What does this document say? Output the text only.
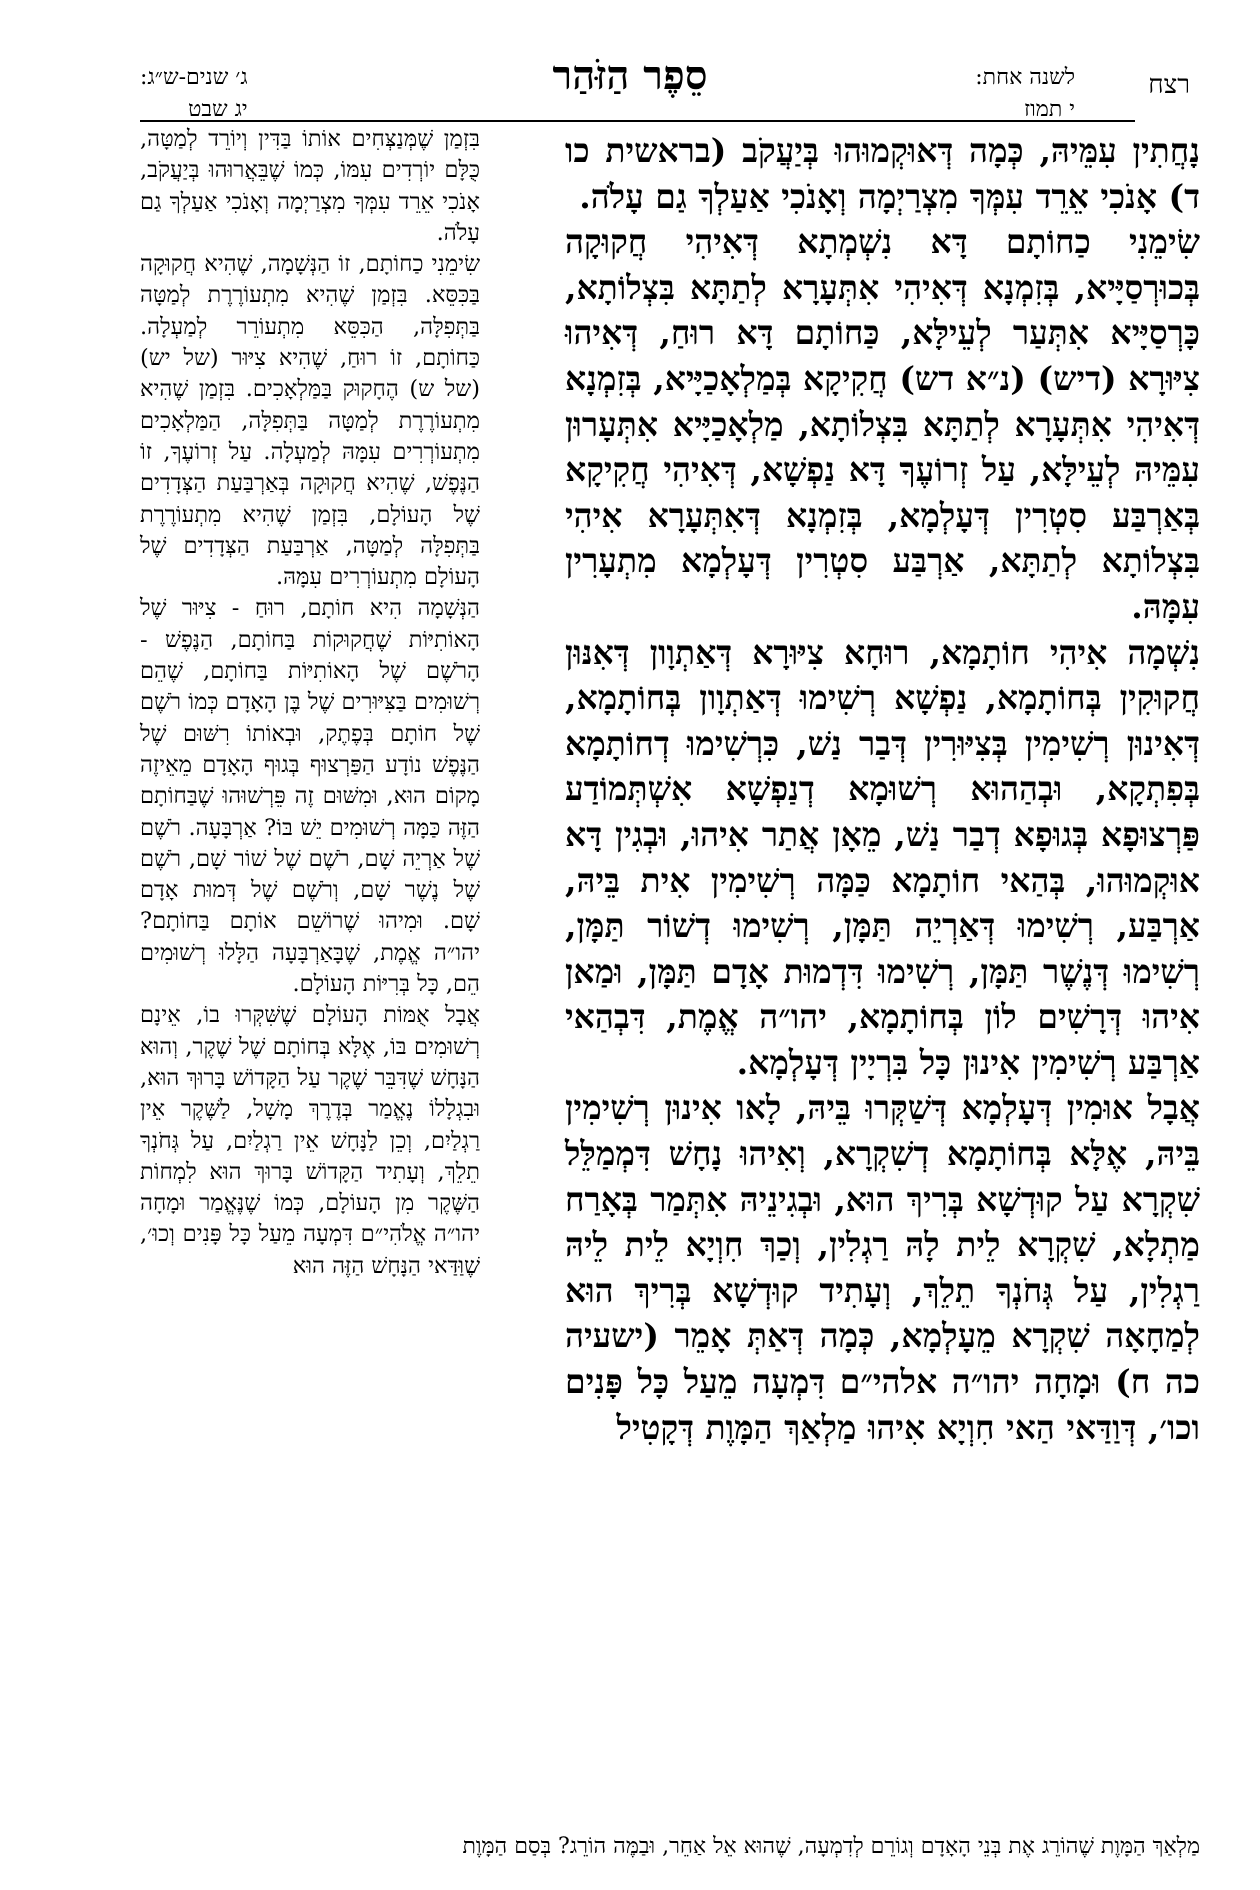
רצח
לשנה אחת:
י תמוז
סֵפֶר הַזֹּהַר
ג׳ שנים-ש״ג:
יג שבט

נָחֲתִין עִמֵּיהּ, כְּמָה דְּאוּקְמוּהוּ בְּיַעֲקֹב (בראשית כו ד) אָנֹכִי אֵרֵד עִמְּךָ מִצְרַיְמָה וְאָנֹכִי אַעַלְךָ גַם עָלֹה.

שִׂימֵנִי כַחוֹתָם דָּא נִשְׁמְתָא דְּאִיהִי חֲקוּקָה בְּכוּרְסַיָּיא, בְּזִמְנָא דְּאִיהִי אִתְּעָרָא לְתַתָּא בִּצְלוֹתָא, כָּרְסַיָּיא אִתְּעַר לְעֵילָּא, כַּחוֹתָם דָּא רוּחַ, דְּאִיהוּ צִיּוּרָא (דיש) (נ״א דש) חֲקִיקָא בְּמַלְאָכַיָּיא, בְּזִמְנָא דְּאִיהִי אִתְּעָרָא לְתַתָּא בִּצְלוֹתָא, מַלְאָכַיָּיא אִתְּעָרוּן עִמֵּיהּ לְעֵילָּא, עַל זְרוֹעֶךָ דָּא נַפְשָׁא, דְּאִיהִי חֲקִיקָא בְּאַרְבַּע סִטְרִין דְּעָלְמָא, בְּזִמְנָא דְּאִתְּעָרָא אִיהִי בִּצְלוֹתָא לְתַתָּא, אַרְבַּע סִטְרִין דְּעָלְמָא מִתְעָרִין עִמָּהּ.

נִשְׁמָה אִיהִי חוֹתָמָא, רוּחָא צִיּוּרָא דְּאַתְוָון דְּאִנּוּן חֲקוּקִין בְּחוֹתָמָא, נַפְשָׁא רְשִׁימוּ דְּאַתְוָון בְּחוֹתָמָא, דְּאִינוּן רְשִׁימִין בְּצִיּוּרִין דְּבַר נַשׁ, כִּרְשִׁימוּ דְחוֹתָמָא בְּפִתְקָא, וּבְהַהוּא רְשׁוּמָא דְנַפְשָׁא אִשְׁתְּמוֹדַע פַּרְצוּפָא בְּגוּפָא דְבַר נַשׁ, מֵאָן אֲתַר אִיהוּ, וּבְגִין דָּא אוּקְמוּהוּ, בְּהַאי חוֹתָמָא כַּמָּה רְשִׁימִין אִית בֵּיהּ, אַרְבַּע, רְשִׁימוּ דְּאַרְיֵה תַּמָּן, רְשִׁימוּ דְשׁוֹר תַּמָּן, רְשִׁימוּ דְּנֶשֶׁר תַּמָּן, רְשִׁימוּ דִּדְמוּת אָדָם תַּמָּן, וּמַאן אִיהוּ דְּרָשִׁים לוֹן בְּחוֹתָמָא, יהו״ה אֱמֶת, דִּבְהַאי אַרְבַּע רְשִׁימִין אִינוּן כָּל בִּרְיָין דְּעָלְמָא.

אֲבָל אוּמִין דְּעָלְמָא דְּשַׁקְּרוּ בֵּיהּ, לָאו אִינוּן רְשִׁימִין בֵּיהּ, אֶלָּא בְּחוֹתָמָא דְשִׁקְרָא, וְאִיהוּ נָחָשׁ דִּמְמַלֵּל שִׁקְרָא עַל קוּדְשָׁא בְּרִיךְ הוּא, וּבְגִינֵיהּ אִתְּמַר בְּאָרַח מַתְלָא, שִׁקְרָא לֵית לָהּ רַגְלִין, וְכַךְ חִוְיָא לֵית לֵיהּ רַגְלִין, עַל גְּחֹנְךָ תֵלֵךְ, וְעָתִיד קוּדְשָׁא בְּרִיךְ הוּא לְמַחָאָה שִׁקְרָא מֵעָלְמָא, כְּמָה דְּאַתְּ אָמֵר (ישעיה כה ח) וּמָחָה יהו״ה אלהי״ם דִּמְעָה מֵעַל כָּל פָּנִים וכו׳, דְּוַדַּאי הַאי חִוְיָא אִיהוּ מַלְאַךְ הַמָּוֶת דְּקָטִיל

בִּזְמַן שֶׁמְּנַצְּחִים אוֹתוֹ בַּדִּין וְיוֹרֵד לְמַטָּה, כֻּלָּם יוֹרְדִים עִמּוֹ, כְּמוֹ שֶׁבֵּאֲרוּהוּ בְּיַעֲקֹב, אָנֹכִי אֵרֵד עִמְּךָ מִצְרַיְמָה וְאָנֹכִי אַעַלְךָ גַם עָלֹה.

שִׂימֵנִי כַחוֹתָם, זוֹ הַנְּשָׁמָה, שֶׁהִיא חֲקוּקָה בַּכִּסֵּא. בִּזְמַן שֶׁהִיא מִתְעוֹרֶרֶת לְמַטָּה בַּתְּפִלָּה, הַכִּסֵּא מִתְעוֹרֵר לְמַעְלָה. כַּחוֹתָם, זוֹ רוּחַ, שֶׁהִיא צִיּוּר (של יש) (של ש) הֶחָקוּק בַּמַּלְאָכִים. בִּזְמַן שֶׁהִיא מִתְעוֹרֶרֶת לְמַטָּה בַּתְּפִלָּה, הַמַּלְאָכִים מִתְעוֹרְרִים עִמָּהּ לְמַעְלָה. עַל זְרוֹעֶךָ, זוֹ הַנֶּפֶשׁ, שֶׁהִיא חֲקוּקָה בְּאַרְבַּעַת הַצְּדָדִים שֶׁל הָעוֹלָם, בִּזְמַן שֶׁהִיא מִתְעוֹרֶרֶת בַּתְּפִלָּה לְמַטָּה, אַרְבַּעַת הַצְּדָדִים שֶׁל הָעוֹלָם מִתְעוֹרְרִים עִמָּהּ.

הַנְּשָׁמָה הִיא חוֹתָם, רוּחַ - צִיּוּר שֶׁל הָאוֹתִיּוֹת שֶׁחֲקוּקוֹת בַּחוֹתָם, הַנֶּפֶשׁ - הָרֹשֶׁם שֶׁל הָאוֹתִיּוֹת בַּחוֹתָם, שֶׁהֵם רְשׁוּמִים בַּצִּיּוּרִים שֶׁל בֶּן הָאָדָם כְּמוֹ רֹשֶׁם שֶׁל חוֹתָם בְּפֶתֶק, וּבְאוֹתוֹ רִשּׁוּם שֶׁל הַנֶּפֶשׁ נוֹדָע הַפַּרְצוּף בְּגוּף הָאָדָם מֵאֵיזֶה מָקוֹם הוּא, וּמִשּׁוּם זֶה פֵּרְשׁוּהוּ שֶׁבַּחוֹתָם הַזֶּה כַּמָּה רְשׁוּמִים יֵשׁ בּוֹ? אַרְבָּעָה. רֹשֶׁם שֶׁל אַרְיֵה שָׁם, רֹשֶׁם שֶׁל שׁוֹר שָׁם, רֹשֶׁם שֶׁל נֶשֶׁר שָׁם, וְרֹשֶׁם שֶׁל דְּמוּת אָדָם שָׁם. וּמִיהוּ שֶׁרוֹשֵׁם אוֹתָם בַּחוֹתָם? יהו״ה אֱמֶת, שֶׁבָּאַרְבָּעָה הַלָּלוּ רְשׁוּמִים הֵם, כָּל בְּרִיּוֹת הָעוֹלָם.

אֲבָל אֻמּוֹת הָעוֹלָם שֶׁשִּׁקְּרוּ בוֹ, אֵינָם רְשׁוּמִים בּוֹ, אֶלָּא בְּחוֹתָם שֶׁל שֶׁקֶר, וְהוּא הַנָּחָשׁ שֶׁדִּבֵּר שֶׁקֶר עַל הַקָּדוֹשׁ בָּרוּךְ הוּא, וּבִגְלָלוֹ נֶאֱמַר בְּדֶרֶךְ מָשָׁל, לַשֶּׁקֶר אֵין רַגְלַיִם, וְכֵן לַנָּחָשׁ אֵין רַגְלַיִם, עַל גְּחֹנְךָ תֵלֵךְ, וְעָתִיד הַקָּדוֹשׁ בָּרוּךְ הוּא לִמְחוֹת הַשֶּׁקֶר מִן הָעוֹלָם, כְּמוֹ שֶׁנֶּאֱמַר וּמָחָה יהו״ה אֱלֹהִי״ם דִּמְעָה מֵעַל כָּל פָּנִים וְכוּ׳, שֶׁוַּדַּאי הַנָּחָשׁ הַזֶּה הוּא

מַלְאַךְ הַמָּוֶת שֶׁהוֹרֵג אֶת בְּנֵי הָאָדָם וְגוֹרֵם לְדִמְעָה, שֶׁהוּא אֵל אַחֵר, וּבַמֶּה הוֹרֵג? בְּסַם הַמָּוֶת
